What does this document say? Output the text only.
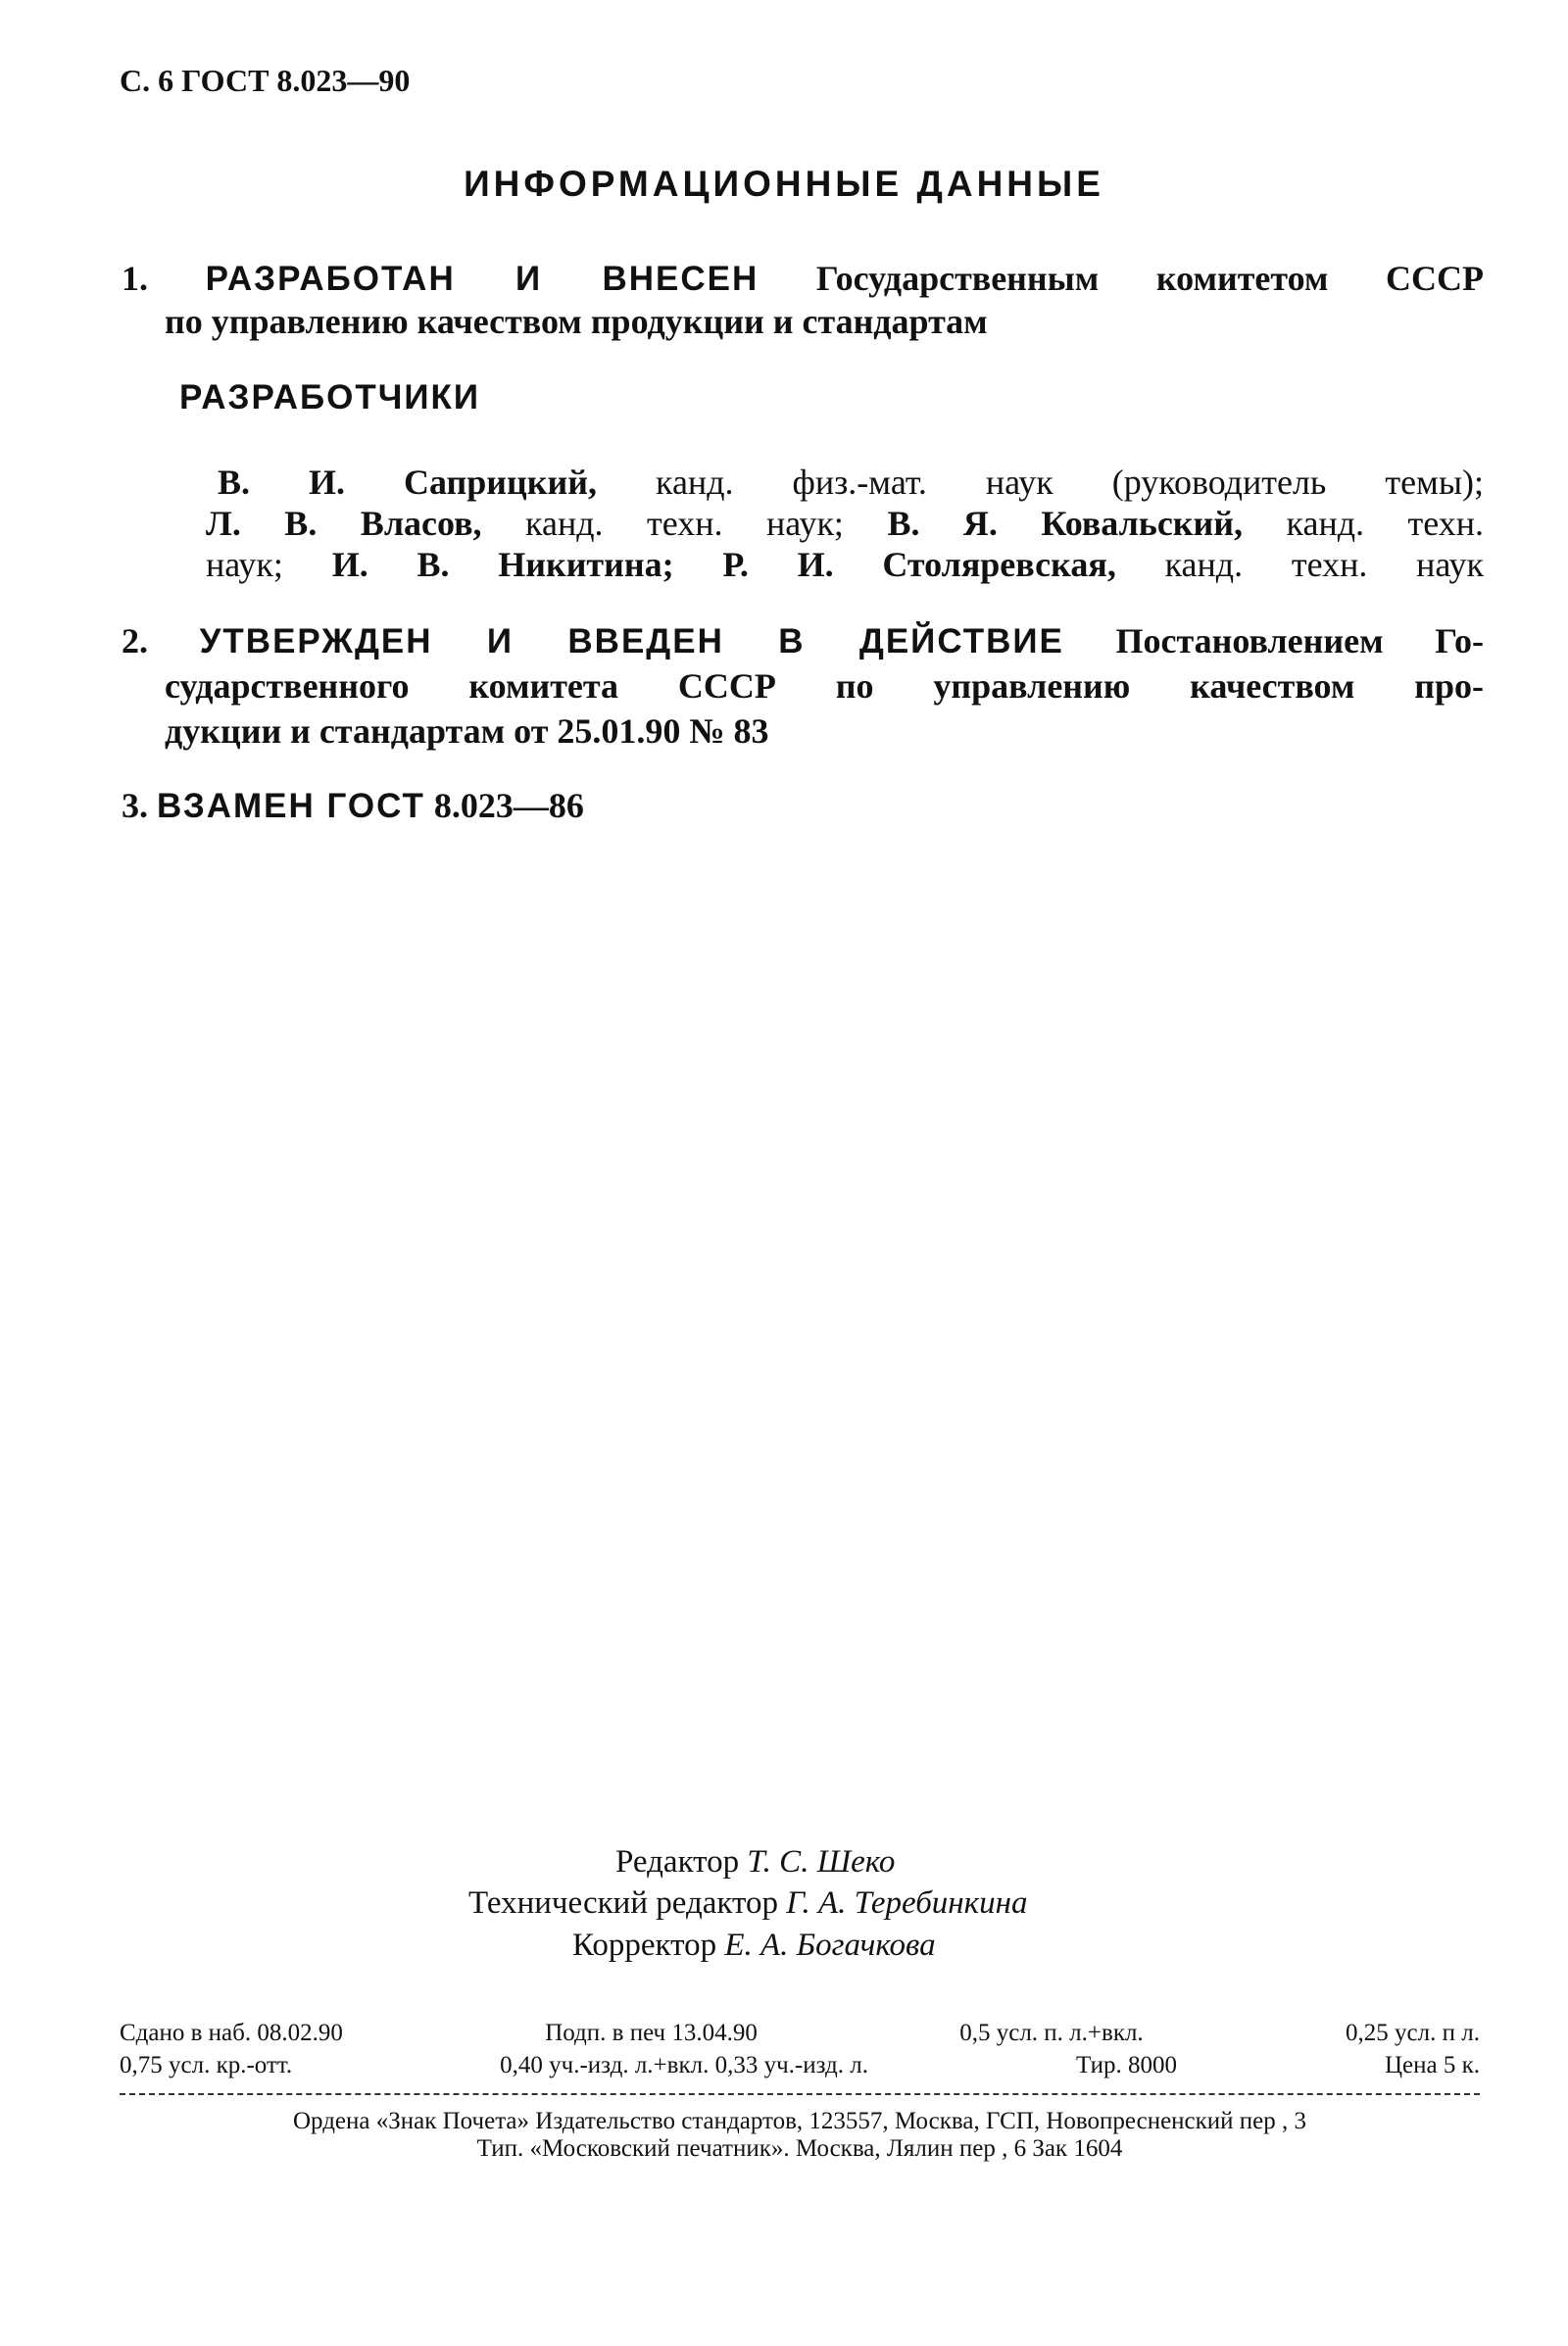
С. 6 ГОСТ 8.023—90
ИНФОРМАЦИОННЫЕ ДАННЫЕ
1. РАЗРАБОТАН И ВНЕСЕН Государственным комитетом СССР
по управлению качеством продукции и стандартам
РАЗРАБОТЧИКИ
В. И. Саприцкий, канд. физ.-мат. наук (руководитель темы);
Л. В. Власов, канд. техн. наук; В. Я. Ковальский, канд. техн.
наук; И. В. Никитина; Р. И. Столяревская, канд. техн. наук
2. УТВЕРЖДЕН И ВВЕДЕН В ДЕЙСТВИЕ Постановлением Го-
сударственного комитета СССР по управлению качеством про-
дукции и стандартам от 25.01.90 № 83
3. ВЗАМЕН ГОСТ 8.023—86
Редактор Т. С. Шеко
Технический редактор Г. А. Теребинкина
Корректор Е. А. Богачкова
Сдано в наб. 08.02.90	Подп. в печ 13.04.90	0,5 усл. п. л.+вкл.	0,25 усл. п л.
0,75 усл. кр.-отт.	0,40 уч.-изд. л.+вкл. 0,33 уч.-изд. л.	Тир. 8000	Цена 5 к.
Ордена «Знак Почета» Издательство стандартов, 123557, Москва, ГСП, Новопресненский пер , 3
Тип. «Московский печатник». Москва, Лялин пер , 6 Зак 1604
